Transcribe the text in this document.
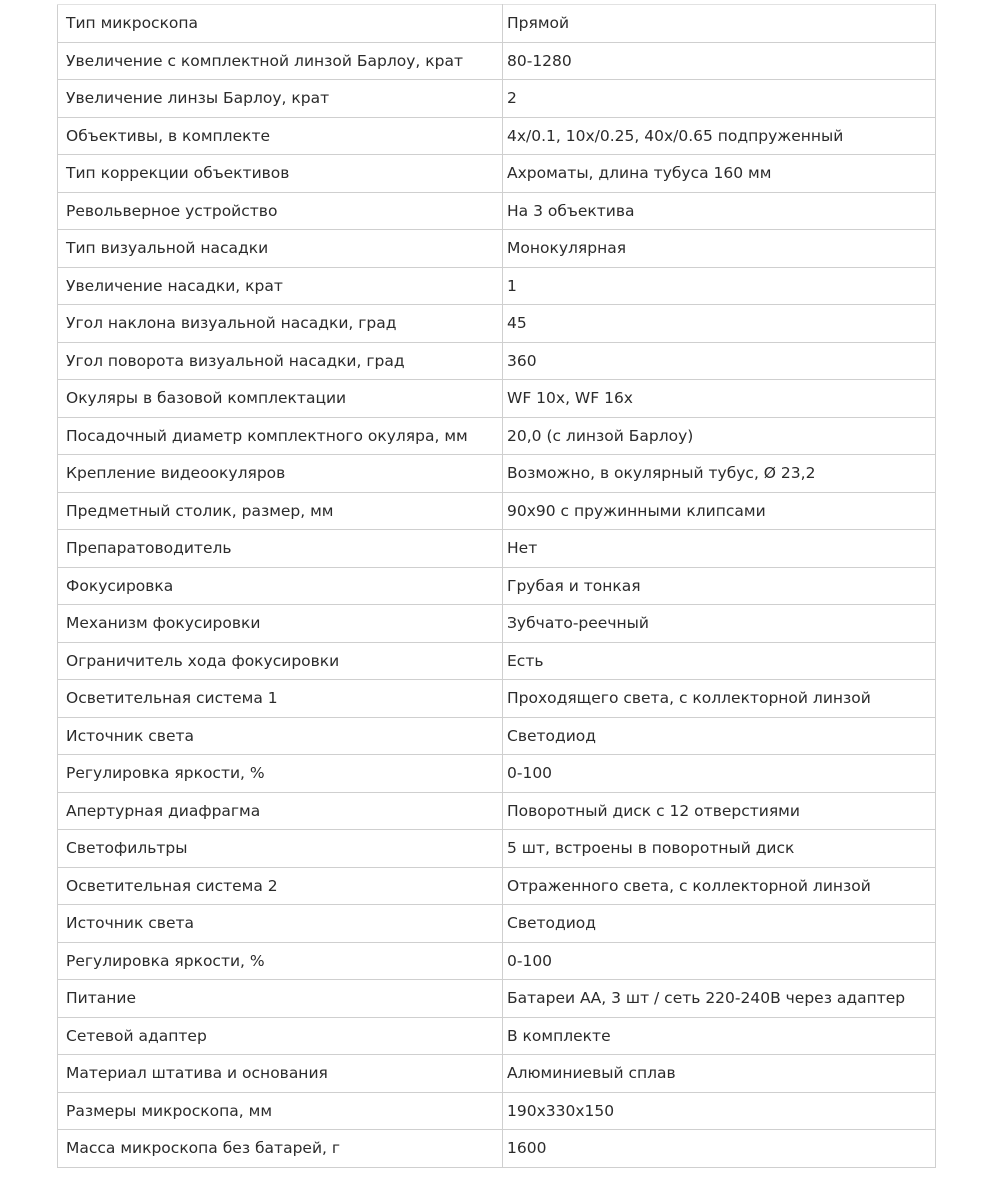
Тип микроскопа	Прямой
Увеличение с комплектной линзой Барлоу, крат	80-1280
Увеличение линзы Барлоу, крат	2
Объективы, в комплекте	4х/0.1, 10х/0.25, 40х/0.65 подпруженный
Тип коррекции объективов	Ахроматы, длина тубуса 160 мм
Револьверное устройство	На 3 объектива
Тип визуальной насадки	Монокулярная
Увеличение насадки, крат	1
Угол наклона визуальной насадки, град	45
Угол поворота визуальной насадки, град	360
Окуляры в базовой комплектации	WF 10x, WF 16x
Посадочный диаметр комплектного окуляра, мм	20,0 (с линзой Барлоу)
Крепление видеоокуляров	Возможно, в окулярный тубус, Ø 23,2
Предметный столик, размер, мм	90х90 с пружинными клипсами
Препаратоводитель	Нет
Фокусировка	Грубая и тонкая
Механизм фокусировки	Зубчато-реечный
Ограничитель хода фокусировки	Есть
Осветительная система 1	Проходящего света, с коллекторной линзой
Источник света	Светодиод
Регулировка яркости, %	0-100
Апертурная диафрагма	Поворотный диск с 12 отверстиями
Светофильтры	5 шт, встроены в поворотный диск
Осветительная система 2	Отраженного света, с коллекторной линзой
Источник света	Светодиод
Регулировка яркости, %	0-100
Питание	Батареи АА, 3 шт / сеть 220-240В через адаптер
Сетевой адаптер	В комплекте
Материал штатива и основания	Алюминиевый сплав
Размеры микроскопа, мм	190х330х150
Масса микроскопа без батарей, г	1600
